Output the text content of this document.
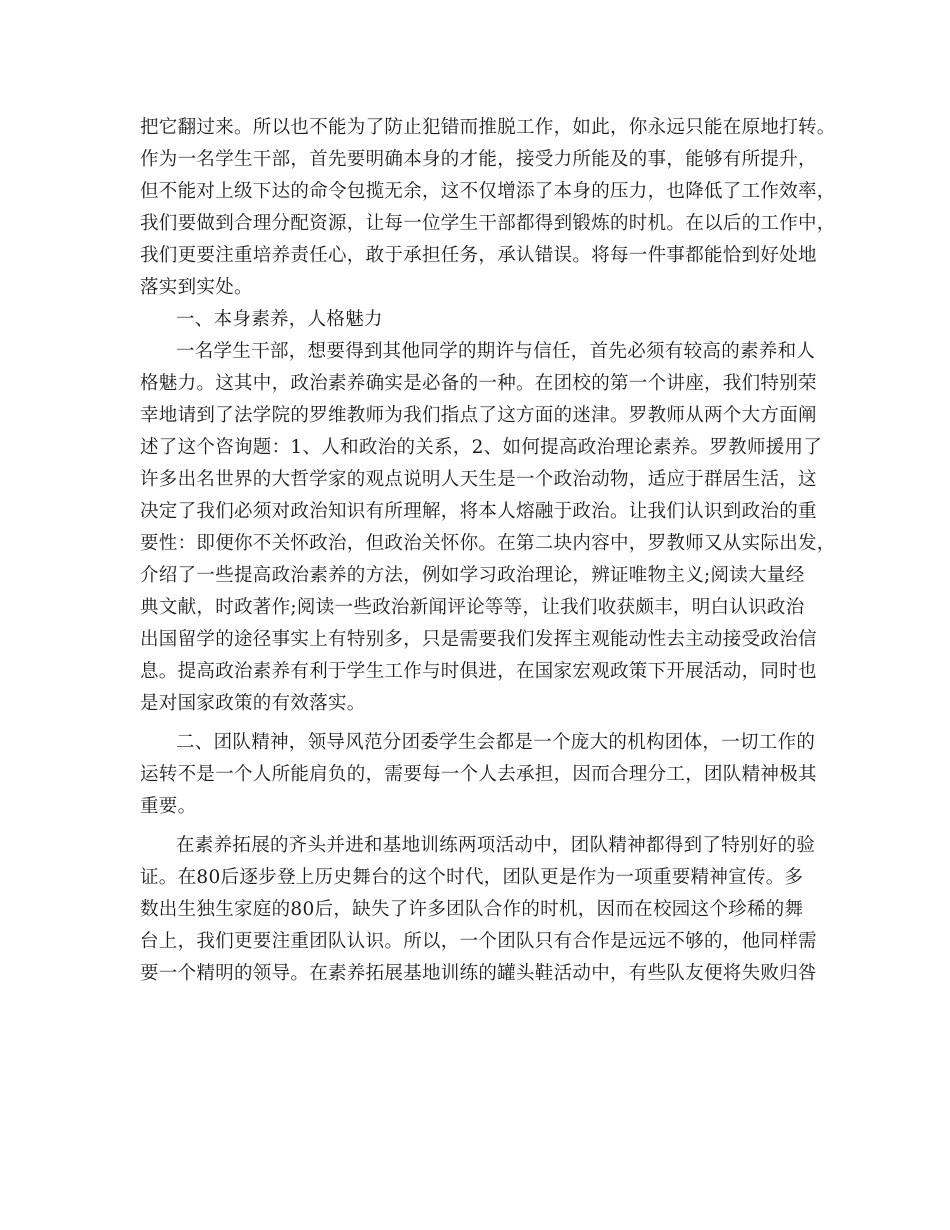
把它翻过来。所以也不能为了防止犯错而推脱工作，如此，你永远只能在原地打转。
作为一名学生干部，首先要明确本身的才能，接受力所能及的事，能够有所提升，
但不能对上级下达的命令包揽无余，这不仅增添了本身的压力，也降低了工作效率，
我们要做到合理分配资源，让每一位学生干部都得到锻炼的时机。在以后的工作中，
我们更要注重培养责任心，敢于承担任务，承认错误。将每一件事都能恰到好处地
落实到实处。
一、本身素养，人格魅力
一名学生干部，想要得到其他同学的期许与信任，首先必须有较高的素养和人
格魅力。这其中，政治素养确实是必备的一种。在团校的第一个讲座，我们特别荣
幸地请到了法学院的罗维教师为我们指点了这方面的迷津。罗教师从两个大方面阐
述了这个咨询题：1、人和政治的关系，2、如何提高政治理论素养。罗教师援用了
许多出名世界的大哲学家的观点说明人天生是一个政治动物，适应于群居生活，这
决定了我们必须对政治知识有所理解，将本人熔融于政治。让我们认识到政治的重
要性：即便你不关怀政治，但政治关怀你。在第二块内容中，罗教师又从实际出发，
介绍了一些提高政治素养的方法，例如学习政治理论，辨证唯物主义;阅读大量经
典文献，时政著作;阅读一些政治新闻评论等等，让我们收获颇丰，明白认识政治
出国留学的途径事实上有特别多，只是需要我们发挥主观能动性去主动接受政治信
息。提高政治素养有利于学生工作与时俱进，在国家宏观政策下开展活动，同时也
是对国家政策的有效落实。
二、团队精神，领导风范分团委学生会都是一个庞大的机构团体，一切工作的
运转不是一个人所能肩负的，需要每一个人去承担，因而合理分工，团队精神极其
重要。
在素养拓展的齐头并进和基地训练两项活动中，团队精神都得到了特别好的验
证。在80后逐步登上历史舞台的这个时代，团队更是作为一项重要精神宣传。多
数出生独生家庭的80后，缺失了许多团队合作的时机，因而在校园这个珍稀的舞
台上，我们更要注重团队认识。所以，一个团队只有合作是远远不够的，他同样需
要一个精明的领导。在素养拓展基地训练的罐头鞋活动中，有些队友便将失败归咎
